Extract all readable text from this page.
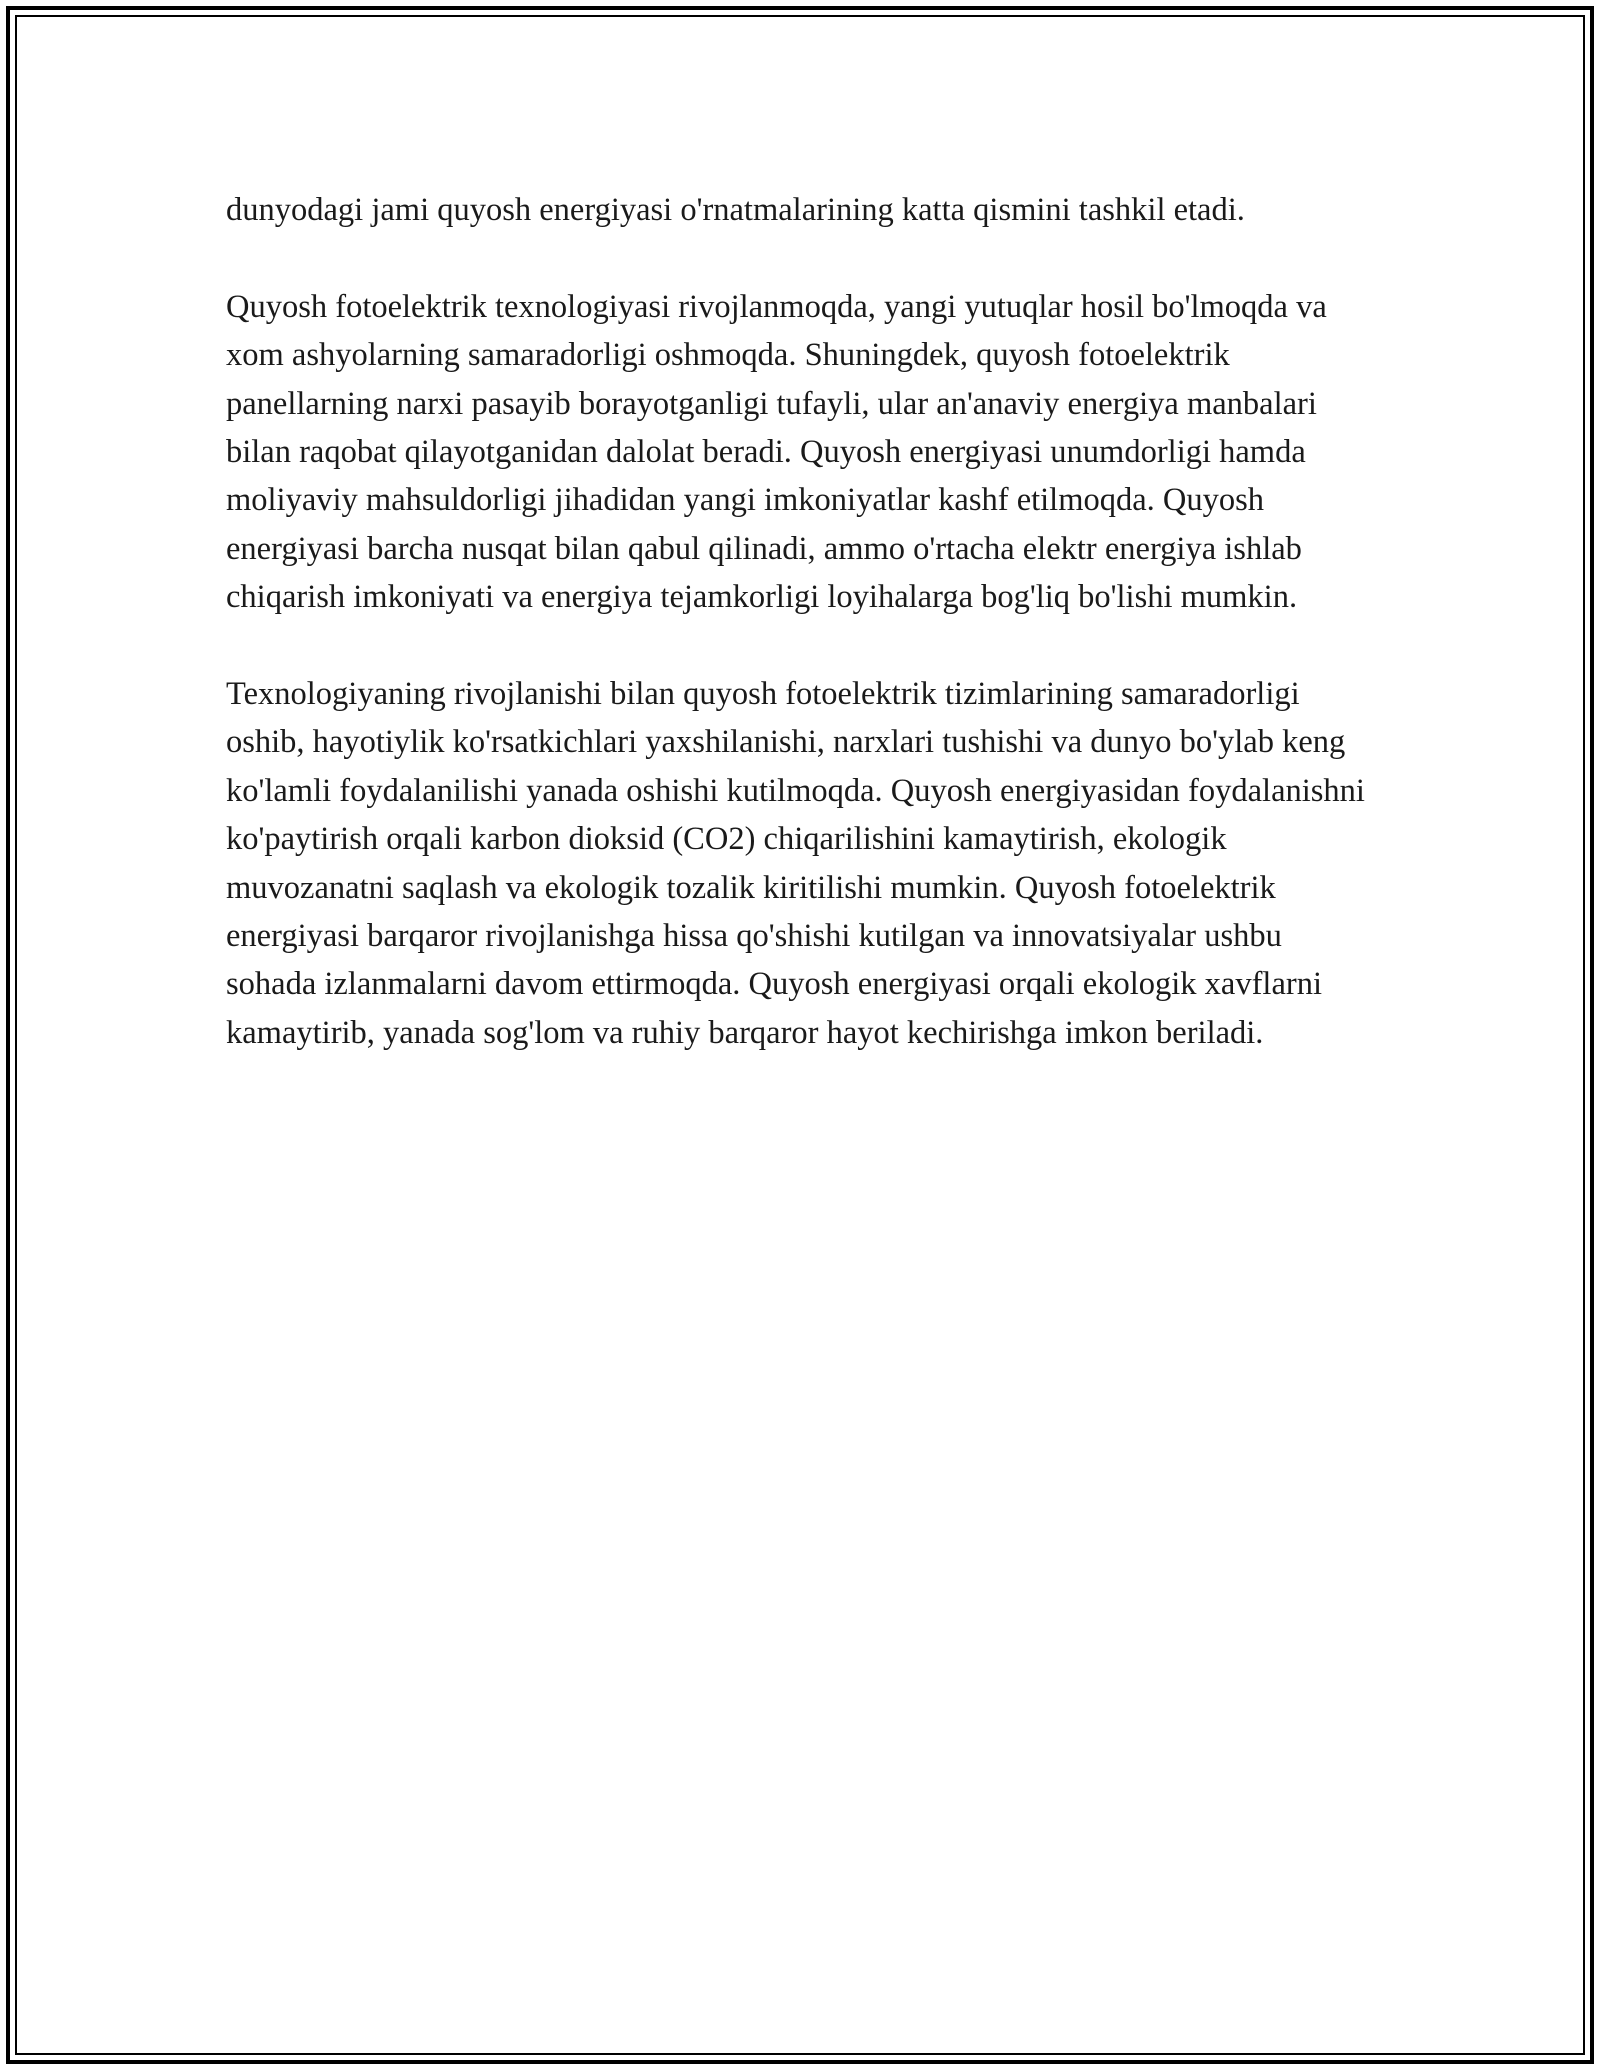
dunyodagi jami quyosh energiyasi o'rnatmalarining katta qismini tashkil etadi.

Quyosh fotoelektrik texnologiyasi rivojlanmoqda, yangi yutuqlar hosil bo'lmoqda va xom ashyolarning samaradorligi oshmoqda. Shuningdek, quyosh fotoelektrik panellarning narxi pasayib borayotganligi tufayli, ular an'anaviy energiya manbalari bilan raqobat qilayotganidan dalolat beradi. Quyosh energiyasi unumdorligi hamda moliyaviy mahsuldorligi jihadidan yangi imkoniyatlar kashf etilmoqda. Quyosh energiyasi barcha nusqat bilan qabul qilinadi, ammo o'rtacha elektr energiya ishlab chiqarish imkoniyati va energiya tejamkorligi loyihalarga bog'liq bo'lishi mumkin.

Texnologiyaning rivojlanishi bilan quyosh fotoelektrik tizimlarining samaradorligi oshib, hayotiylik ko'rsatkichlari yaxshilanishi, narxlari tushishi va dunyo bo'ylab keng ko'lamli foydalanilishi yanada oshishi kutilmoqda. Quyosh energiyasidan foydalanishni ko'paytirish orqali karbon dioksid (CO2) chiqarilishini kamaytirish, ekologik muvozanatni saqlash va ekologik tozalik kiritilishi mumkin. Quyosh fotoelektrik energiyasi barqaror rivojlanishga hissa qo'shishi kutilgan va innovatsiyalar ushbu sohada izlanmalarni davom ettirmoqda. Quyosh energiyasi orqali ekologik xavflarni kamaytirib, yanada sog'lom va ruhiy barqaror hayot kechirishga imkon beriladi.
